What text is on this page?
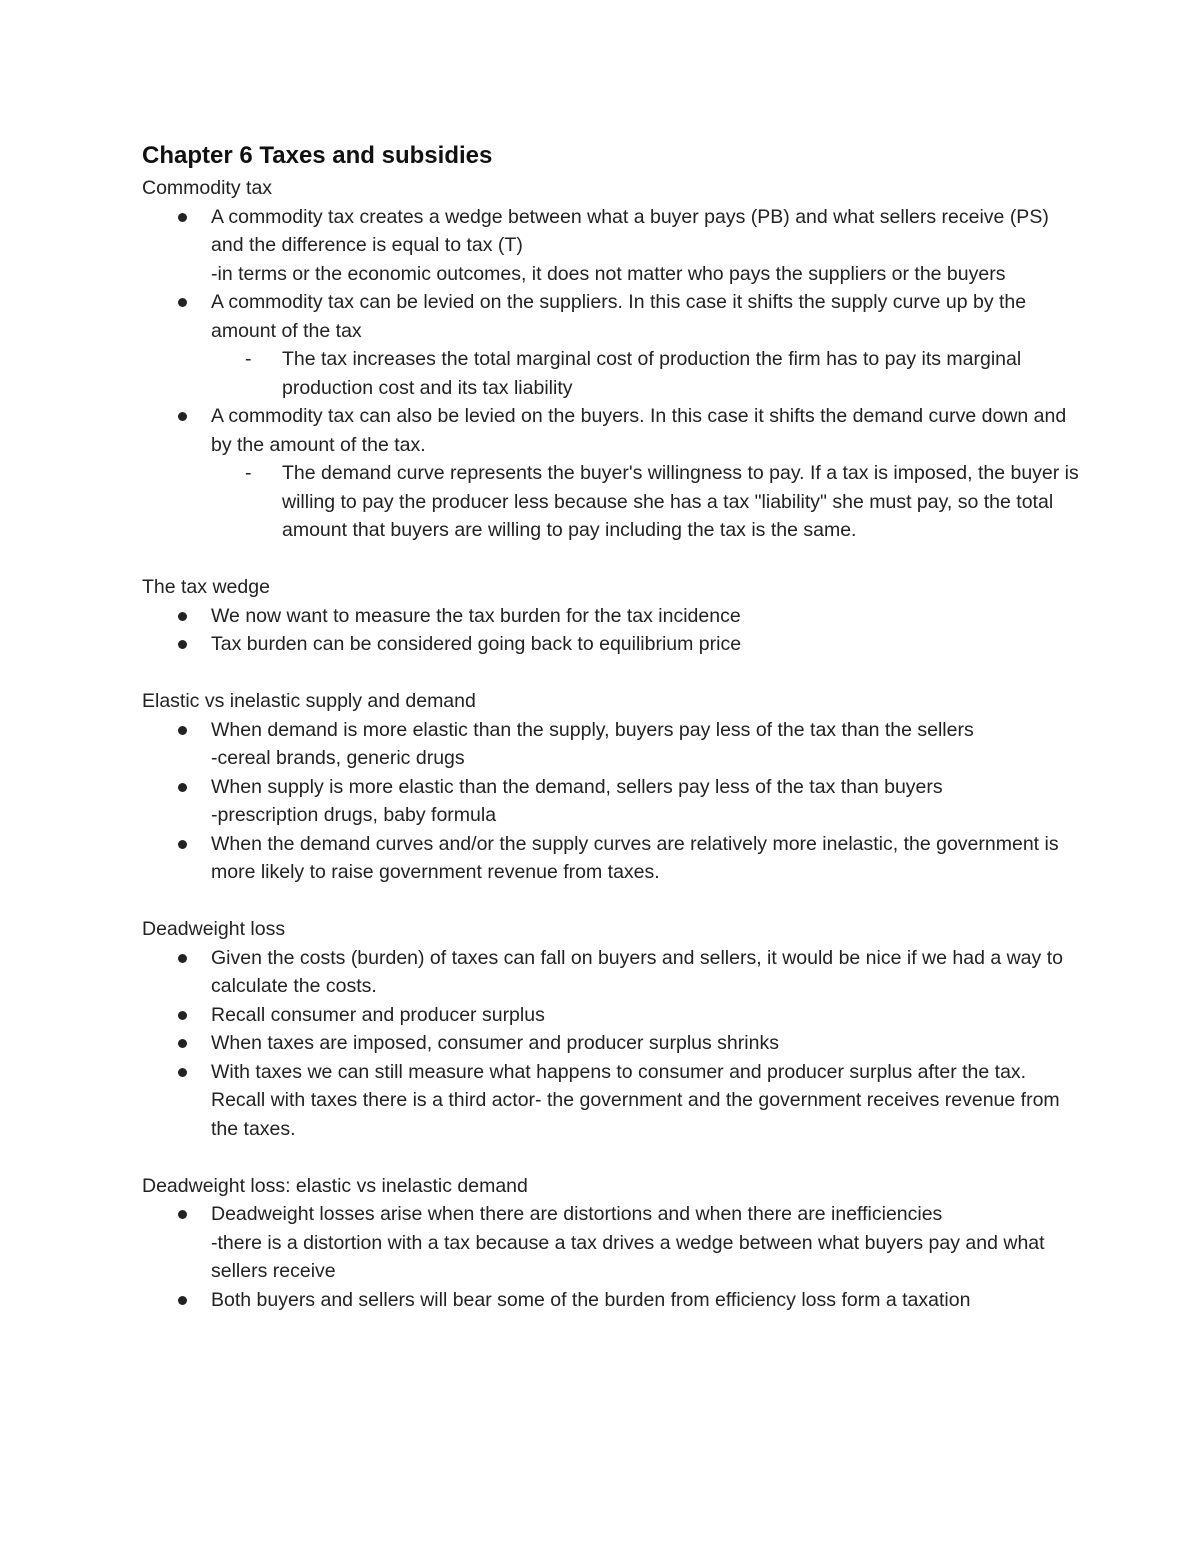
Chapter 6 Taxes and subsidies

Commodity tax

A commodity tax creates a wedge between what a buyer pays (PB) and what sellers receive (PS) and the difference is equal to tax (T)
-in terms or the economic outcomes, it does not matter who pays the suppliers or the buyers
A commodity tax can be levied on the suppliers. In this case it shifts the supply curve up by the amount of the tax
- The tax increases the total marginal cost of production the firm has to pay its marginal production cost and its tax liability
A commodity tax can also be levied on the buyers. In this case it shifts the demand curve down and by the amount of the tax.
- The demand curve represents the buyer's willingness to pay. If a tax is imposed, the buyer is willing to pay the producer less because she has a tax "liability" she must pay, so the total amount that buyers are willing to pay including the tax is the same.

The tax wedge

We now want to measure the tax burden for the tax incidence
Tax burden can be considered going back to equilibrium price

Elastic vs inelastic supply and demand

When demand is more elastic than the supply, buyers pay less of the tax than the sellers
-cereal brands, generic drugs
When supply is more elastic than the demand, sellers pay less of the tax than buyers
-prescription drugs, baby formula
When the demand curves and/or the supply curves are relatively more inelastic, the government is more likely to raise government revenue from taxes.

Deadweight loss

Given the costs (burden) of taxes can fall on buyers and sellers, it would be nice if we had a way to calculate the costs.
Recall consumer and producer surplus
When taxes are imposed, consumer and producer surplus shrinks
With taxes we can still measure what happens to consumer and producer surplus after the tax. Recall with taxes there is a third actor- the government and the government receives revenue from the taxes.

Deadweight loss: elastic vs inelastic demand

Deadweight losses arise when there are distortions and when there are inefficiencies
-there is a distortion with a tax because a tax drives a wedge between what buyers pay and what sellers receive
Both buyers and sellers will bear some of the burden from efficiency loss form a taxation
